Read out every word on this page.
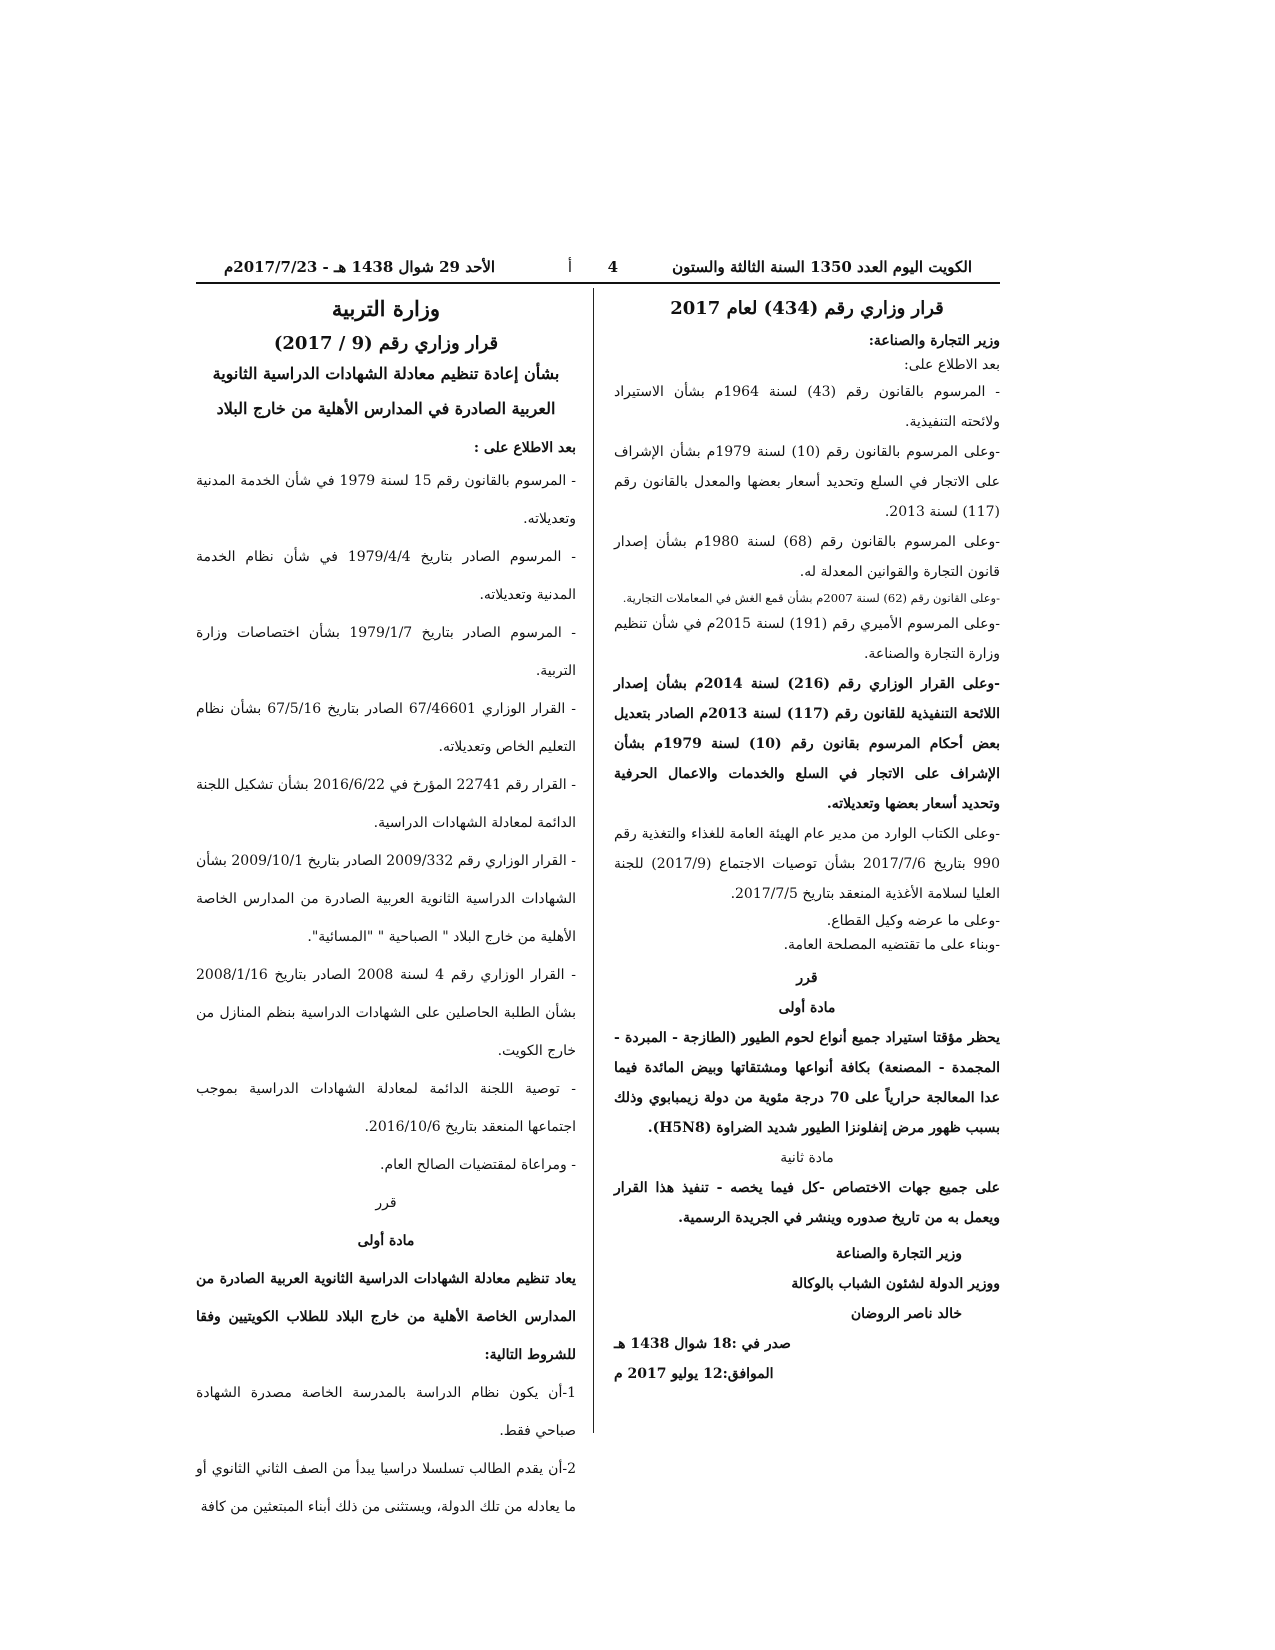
الكويت اليوم العدد 1350 السنة الثالثة والستون
4
أ
الأحد 29 شوال 1438 هـ - 2017/7/23م
قرار وزاري رقم (434) لعام 2017

وزير التجارة والصناعة:

بعد الاطلاع على:

- المرسوم بالقانون رقم (43) لسنة 1964م بشأن الاستيراد ولائحته التنفيذية.

-وعلى المرسوم بالقانون رقم (10) لسنة 1979م بشأن الإشراف على الاتجار في السلع وتحديد أسعار بعضها والمعدل بالقانون رقم (117) لسنة 2013.

-وعلى المرسوم بالقانون رقم (68) لسنة 1980م بشأن إصدار قانون التجارة والقوانين المعدلة له.

-وعلى القانون رقم (62) لسنة 2007م بشأن قمع الغش في المعاملات التجارية.

-وعلى المرسوم الأميري رقم (191) لسنة 2015م في شأن تنظيم وزارة التجارة والصناعة.

-وعلى القرار الوزاري رقم (216) لسنة 2014م بشأن إصدار اللائحة التنفيذية للقانون رقم (117) لسنة 2013م الصادر بتعديل بعض أحكام المرسوم بقانون رقم (10) لسنة 1979م بشأن الإشراف على الاتجار في السلع والخدمات والاعمال الحرفية وتحديد أسعار بعضها وتعديلاته.

-وعلى الكتاب الوارد من مدير عام الهيئة العامة للغذاء والتغذية رقم 990 بتاريخ 2017/7/6 بشأن توصيات الاجتماع (2017/9) للجنة العليا لسلامة الأغذية المنعقد بتاريخ 2017/7/5.

-وعلى ما عرضه وكيل القطاع.

-وبناء على ما تقتضيه المصلحة العامة.

قرر

مادة أولى

يحظر مؤقتا استيراد جميع أنواع لحوم الطيور (الطازجة - المبردة - المجمدة - المصنعة) بكافة أنواعها ومشتقاتها وبيض المائدة فيما عدا المعالجة حرارياً على 70 درجة مئوية من دولة زيمبابوي وذلك بسبب ظهور مرض إنفلونزا الطيور شديد الضراوة (H5N8).

مادة ثانية

على جميع جهات الاختصاص -كل فيما يخصه - تنفيذ هذا القرار ويعمل به من تاريخ صدوره وينشر في الجريدة الرسمية.

وزير التجارة والصناعة

ووزير الدولة لشئون الشباب بالوكالة

خالد ناصر الروضان

صدر في :18 شوال 1438 هـ

الموافق:12 يوليو 2017 م

وزارة التربية
قرار وزاري رقم (9 / 2017)
بشأن إعادة تنظيم معادلة الشهادات الدراسية الثانوية
العربية الصادرة في المدارس الأهلية من خارج البلاد

بعد الاطلاع على :

- المرسوم بالقانون رقم 15 لسنة 1979 في شأن الخدمة المدنية وتعديلاته.

- المرسوم الصادر بتاريخ 1979/4/4 في شأن نظام الخدمة المدنية وتعديلاته.

- المرسوم الصادر بتاريخ 1979/1/7 بشأن اختصاصات وزارة التربية.

- القرار الوزاري 67/46601 الصادر بتاريخ 67/5/16 بشأن نظام التعليم الخاص وتعديلاته.

- القرار رقم 22741 المؤرخ في 2016/6/22 بشأن تشكيل اللجنة الدائمة لمعادلة الشهادات الدراسية.

- القرار الوزاري رقم 2009/332 الصادر بتاريخ 2009/10/1 بشأن الشهادات الدراسية الثانوية العربية الصادرة من المدارس الخاصة الأهلية من خارج البلاد " الصباحية " "المسائية".

- القرار الوزاري رقم 4 لسنة 2008 الصادر بتاريخ 2008/1/16 بشأن الطلبة الحاصلين على الشهادات الدراسية بنظم المنازل من خارج الكويت.

- توصية اللجنة الدائمة لمعادلة الشهادات الدراسية بموجب اجتماعها المنعقد بتاريخ 2016/10/6.

- ومراعاة لمقتضيات الصالح العام.

قرر

مادة أولى

يعاد تنظيم معادلة الشهادات الدراسية الثانوية العربية الصادرة من المدارس الخاصة الأهلية من خارج البلاد للطلاب الكويتيين وفقا للشروط التالية:

1-أن يكون نظام الدراسة بالمدرسة الخاصة مصدرة الشهادة صباحي فقط.

2-أن يقدم الطالب تسلسلا دراسيا يبدأ من الصف الثاني الثانوي أو ما يعادله من تلك الدولة، ويستثنى من ذلك أبناء المبتعثين من كافة
